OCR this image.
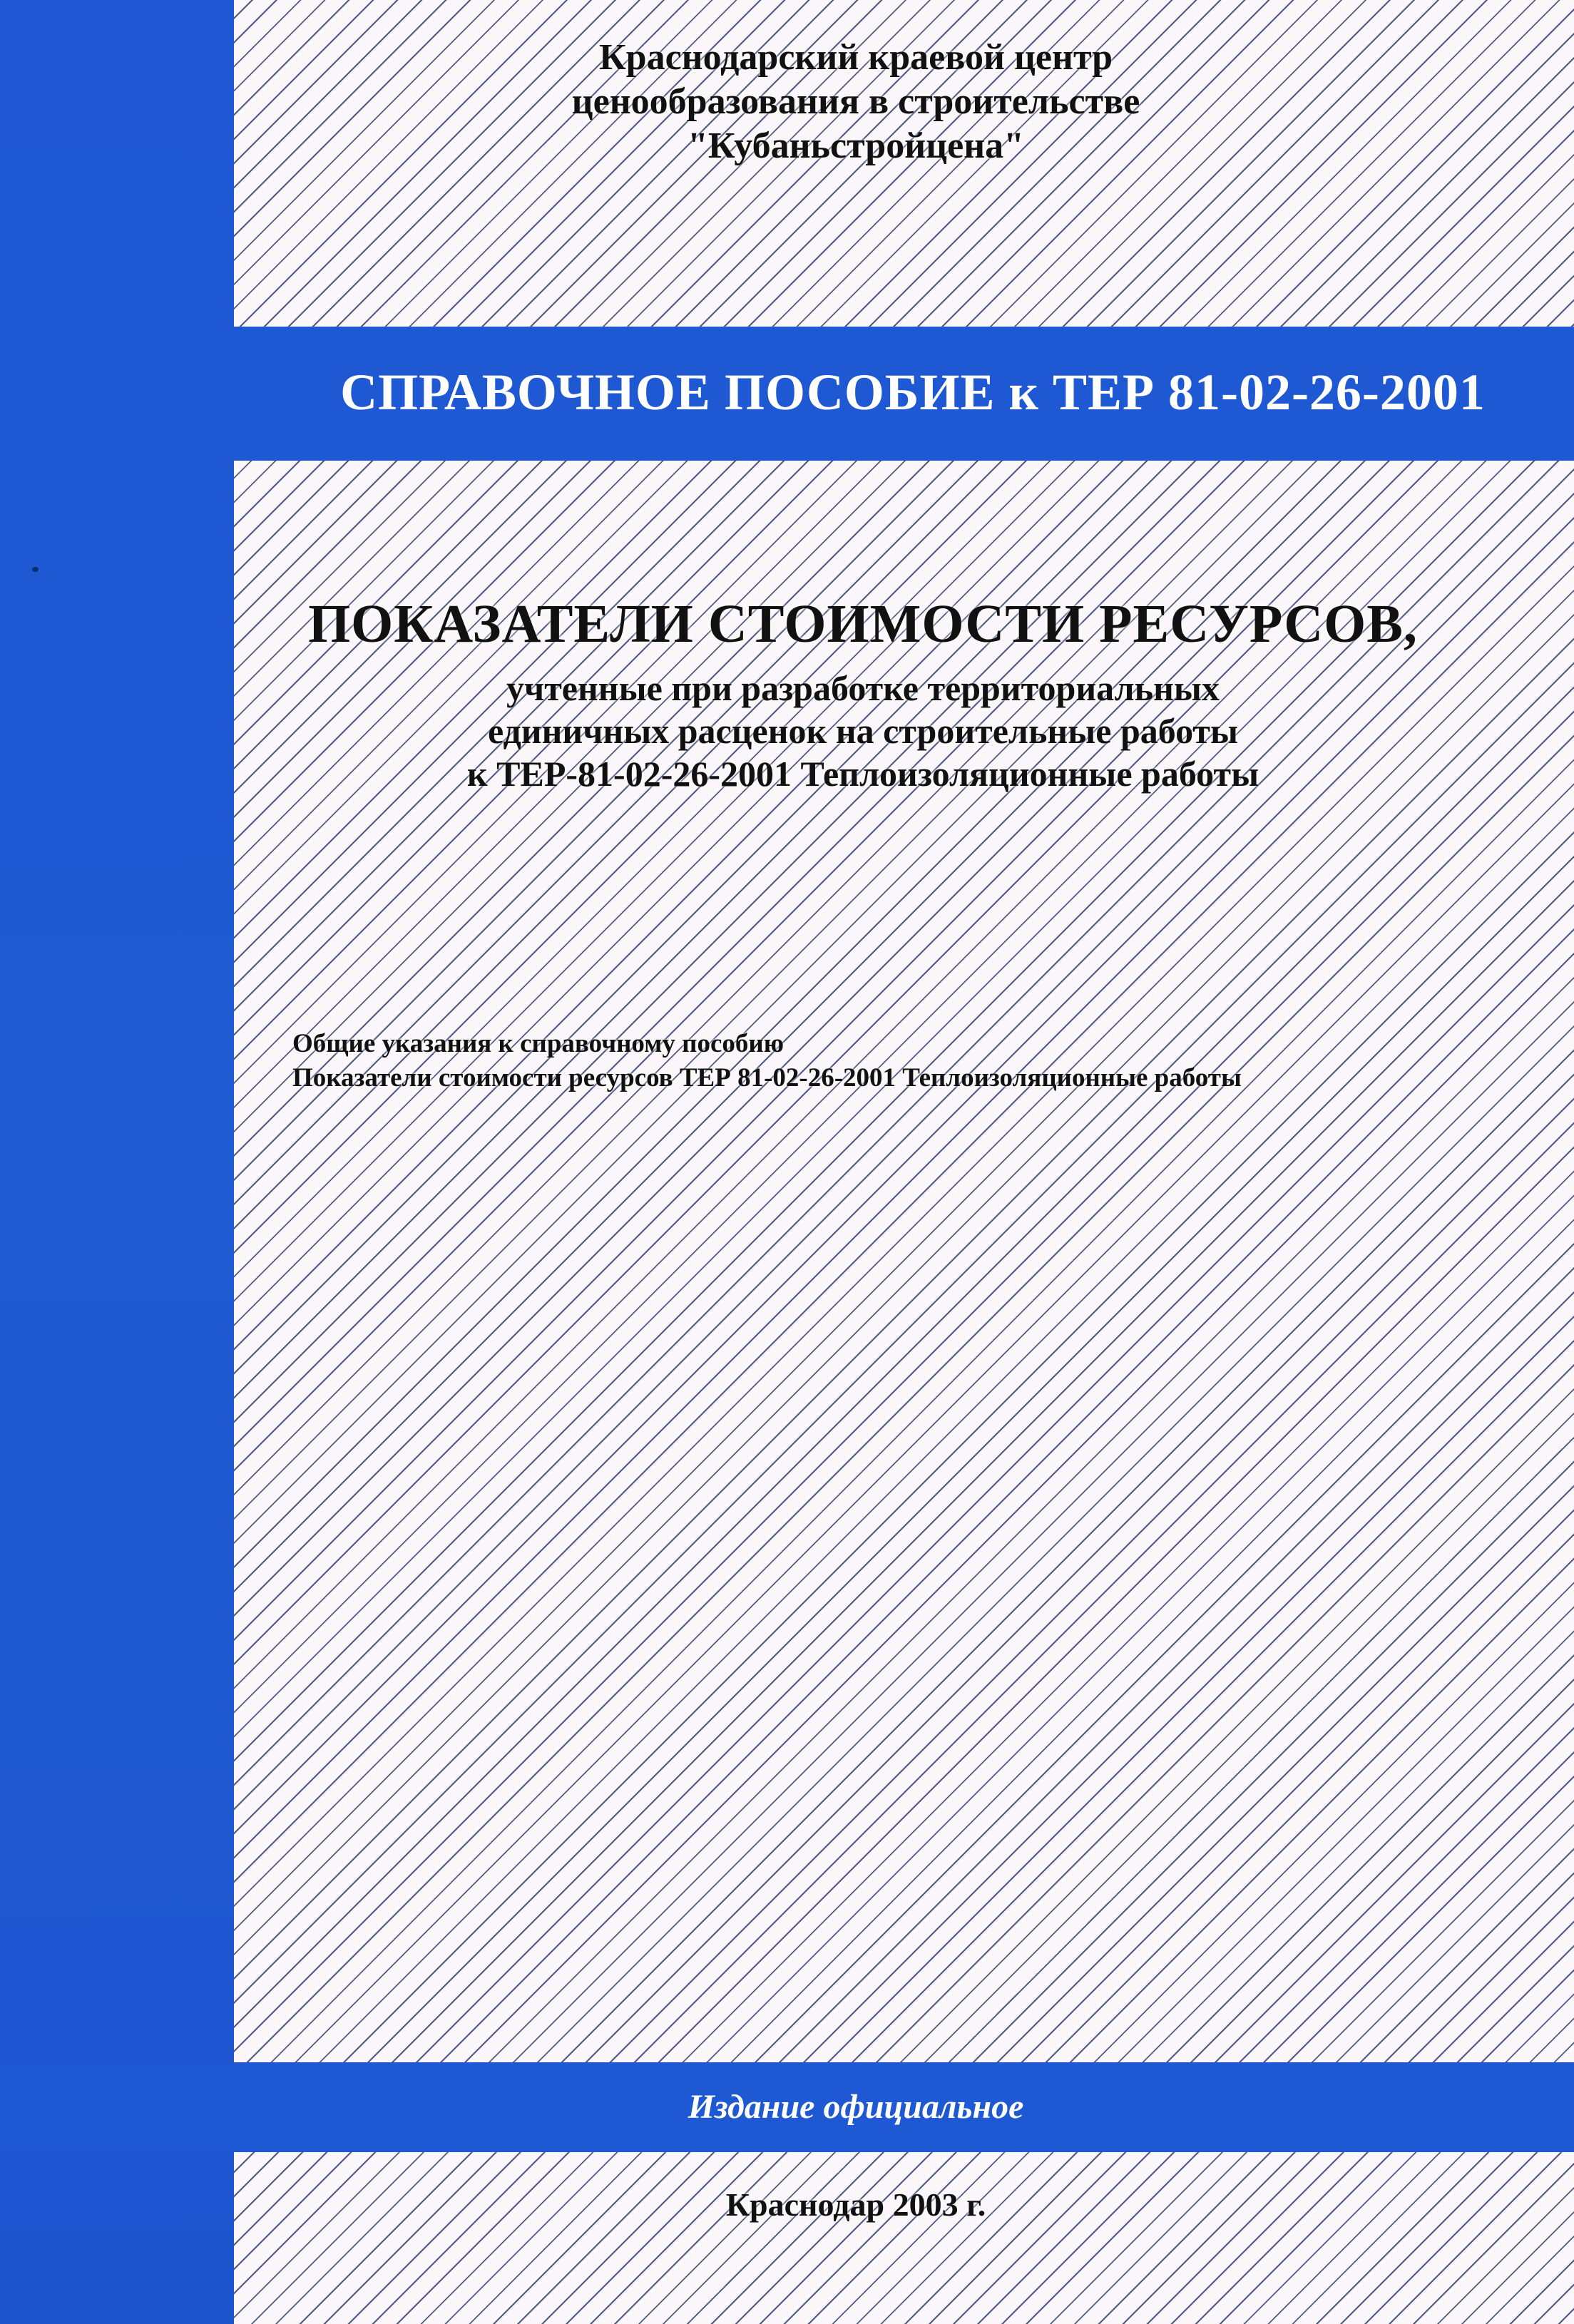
Краснодарский краевой центр
ценообразования в строительстве
"Кубаньстройцена"
СПРАВОЧНОЕ ПОСОБИЕ к ТЕР 81-02-26-2001
ПОКАЗАТЕЛИ СТОИМОСТИ РЕСУРСОВ,
учтенные при разработке территориальных
единичных расценок на строительные работы
к ТЕР-81-02-26-2001 Теплоизоляционные работы
Общие указания к справочному пособию
Показатели стоимости ресурсов ТЕР 81-02-26-2001 Теплоизоляционные работы
Издание официальное
Краснодар 2003 г.
